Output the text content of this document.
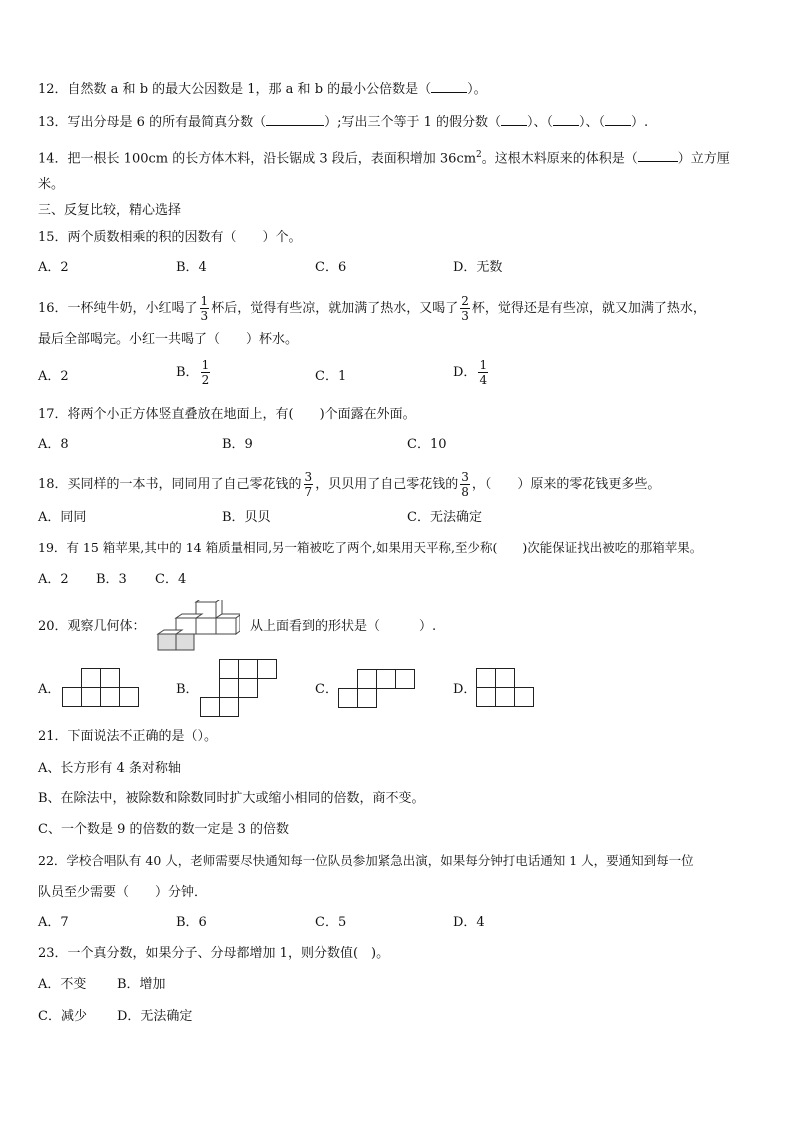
12．自然数 a 和 b 的最大公因数是 1，那 a 和 b 的最小公倍数是（	）。
13．写出分母是 6 的所有最简真分数（	）;写出三个等于 1 的假分数（ ）、（ ）、（ ）.
14．把一根长 100cm 的长方体木料，沿长锯成 3 段后，表面积增加 $36cm^2$。这根木料原来的体积是（	）立方厘
米。
三、反复比较，精心选择
15．两个质数相乘的积的因数有（　　）个。
A．2	B．4	C．6	D．无数
16．一杯纯牛奶，小红喝了 $\frac{1}{3}$ 杯后，觉得有些凉，就加满了热水，又喝了 $\frac{2}{3}$ 杯，觉得还是有些凉，就又加满了热水，
最后全部喝完。小红一共喝了（　　）杯水。
A．2	B． $\frac{1}{2}$	C．1	D． $\frac{1}{4}$
17．将两个小正方体竖直叠放在地面上，有(　　)个面露在外面。
A．8	B．9	C．10
18．买同样的一本书，同同用了自己零花钱的 $\frac{3}{7}$ ，贝贝用了自己零花钱的 $\frac{3}{8}$ ，（　　）原来的零花钱更多些。
A．同同	B．贝贝	C．无法确定
19．有 15 箱苹果,其中的 14 箱质量相同,另一箱被吃了两个,如果用天平称,至少称(　　)次能保证找出被吃的那箱苹果。
A．2 B．3 C．4
20．观察几何体：	从上面看到的形状是（　　　）.
A．	B．	C．	D．
21．下面说法不正确的是（）。
A、长方形有 4 条对称轴
B、在除法中，被除数和除数同时扩大或缩小相同的倍数，商不变。
C、一个数是 9 的倍数的数一定是 3 的倍数
22．学校合唱队有 40 人，老师需要尽快通知每一位队员参加紧急出演，如果每分钟打电话通知 1 人，要通知到每一位
队员至少需要（　　）分钟．
A．7	B．6	C．5	D．4
23．一个真分数，如果分子、分母都增加 1，则分数值(　)。
A．不变 B．增加
C．减少 D．无法确定
